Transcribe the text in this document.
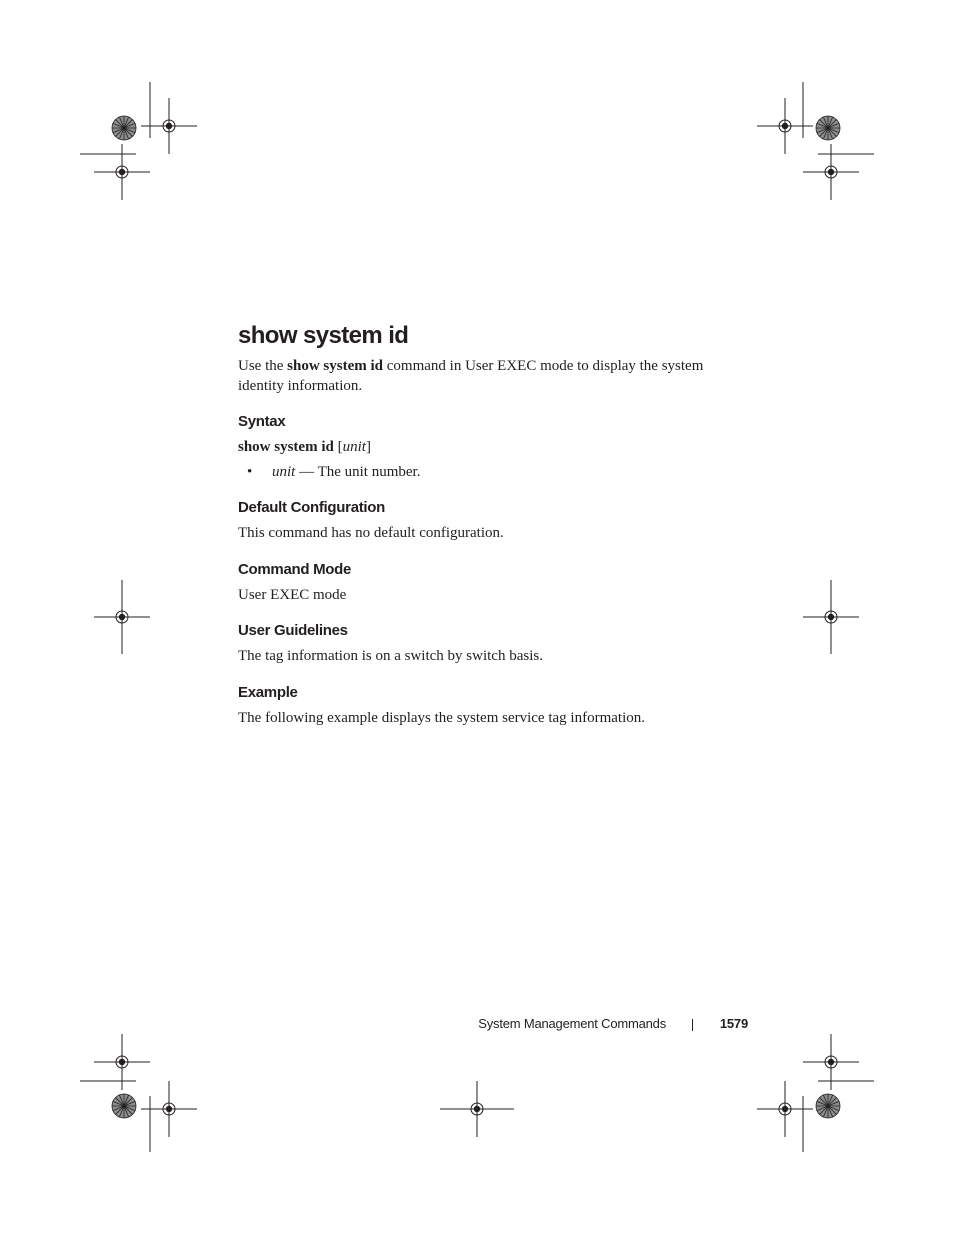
show system id

Use the show system id command in User EXEC mode to display the system identity information.

Syntax

show system id [unit]

• unit — The unit number.
Default Configuration

This command has no default configuration.

Command Mode

User EXEC mode

User Guidelines

The tag information is on a switch by switch basis.

Example

The following example displays the system service tag information.

System Management Commands	1579
